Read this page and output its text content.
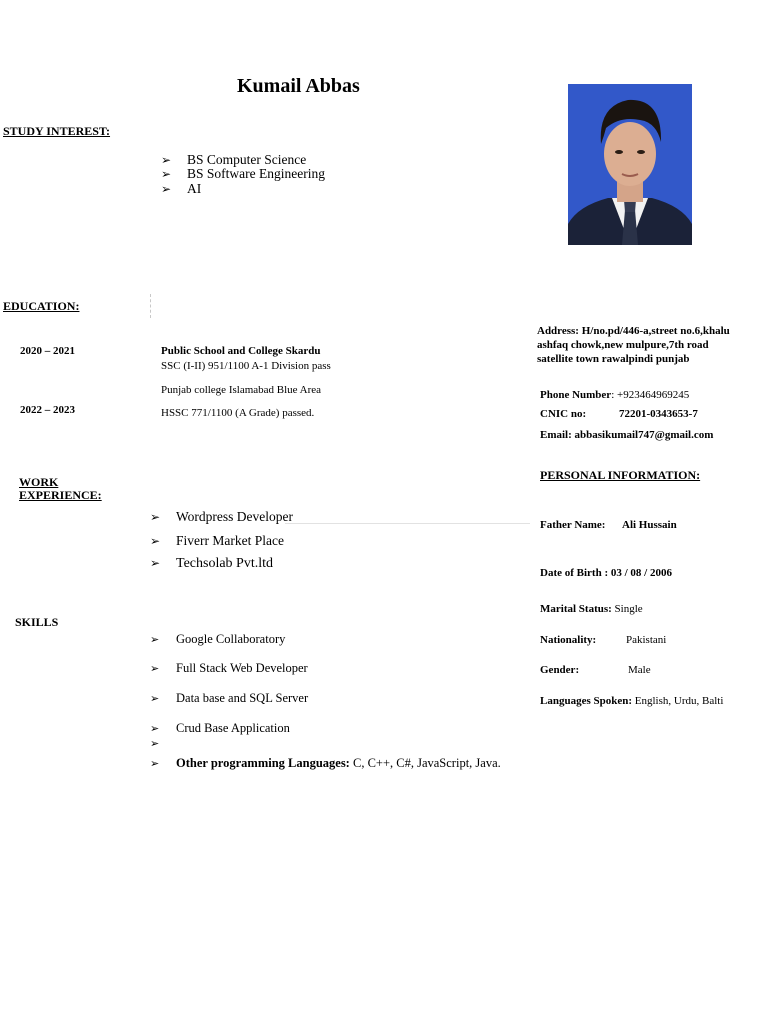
Kumail Abbas
STUDY INTEREST:
➢ BS Computer Science
➢ BS Software Engineering
➢ AI
EDUCATION:
2020 – 2021	Public School and College Skardu
SSC (I-II) 951/1100 A-1 Division pass
Punjab college Islamabad Blue Area
2022 – 2023	HSSC 771/1100 (A Grade) passed.
WORK
EXPERIENCE:
➢ Wordpress Developer
➢ Fiverr Market Place
➢ Techsolab Pvt.ltd
SKILLS
➢ Google Collaboratory
➢ Full Stack Web Developer
➢ Data base and SQL Server
➢ Crud Base Application
➢
➢ Other programming Languages: C, C++, C#, JavaScript, Java.
Address: H/no.pd/446-a,street no.6,khalu ashfaq chowk,new mulpure,7th road satellite town rawalpindi punjab
Phone Number: +923464969245
CNIC no:	72201-0343653-7
Email: abbasikumail747@gmail.com
PERSONAL INFORMATION:
Father Name: Ali Hussain
Date of Birth : 03 / 08 / 2006
Marital Status: Single
Nationality:	Pakistani
Gender:	Male
Languages Spoken: English, Urdu, Balti
